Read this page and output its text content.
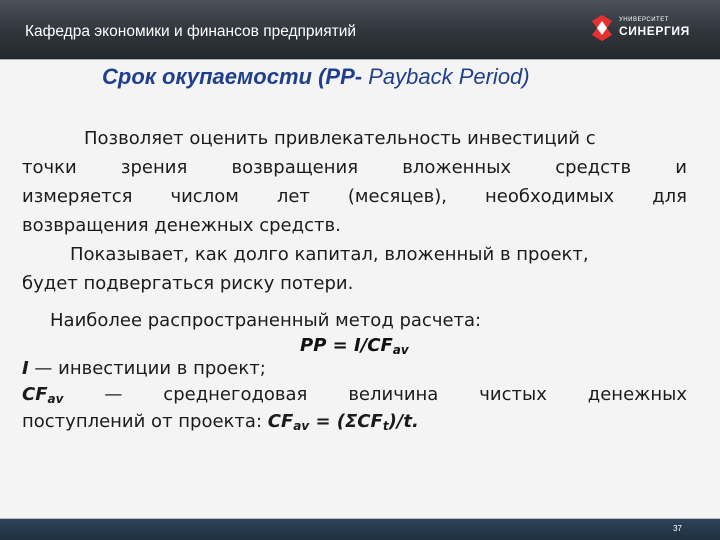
Кафедра экономики и финансов предприятий
УНИВЕРСИТЕТ
СИНЕРГИЯ
Срок окупаемости (PP- Payback Period)
Позволяет оценить привлекательность инвестиций с
точки зрения возвращения вложенных средств и
измеряется числом лет (месяцев), необходимых для
возвращения денежных средств.
Показывает, как долго капитал, вложенный в проект,
будет подвергаться риску потери.
Наиболее распространенный метод расчета:
PP = $I/CF_{av}$
I — инвестиции в проект;
$CF_{av}$ — среднегодовая величина чистых денежных
поступлений от проекта: $CF_{av} = (\Sigma CF_t)/t$.
37
